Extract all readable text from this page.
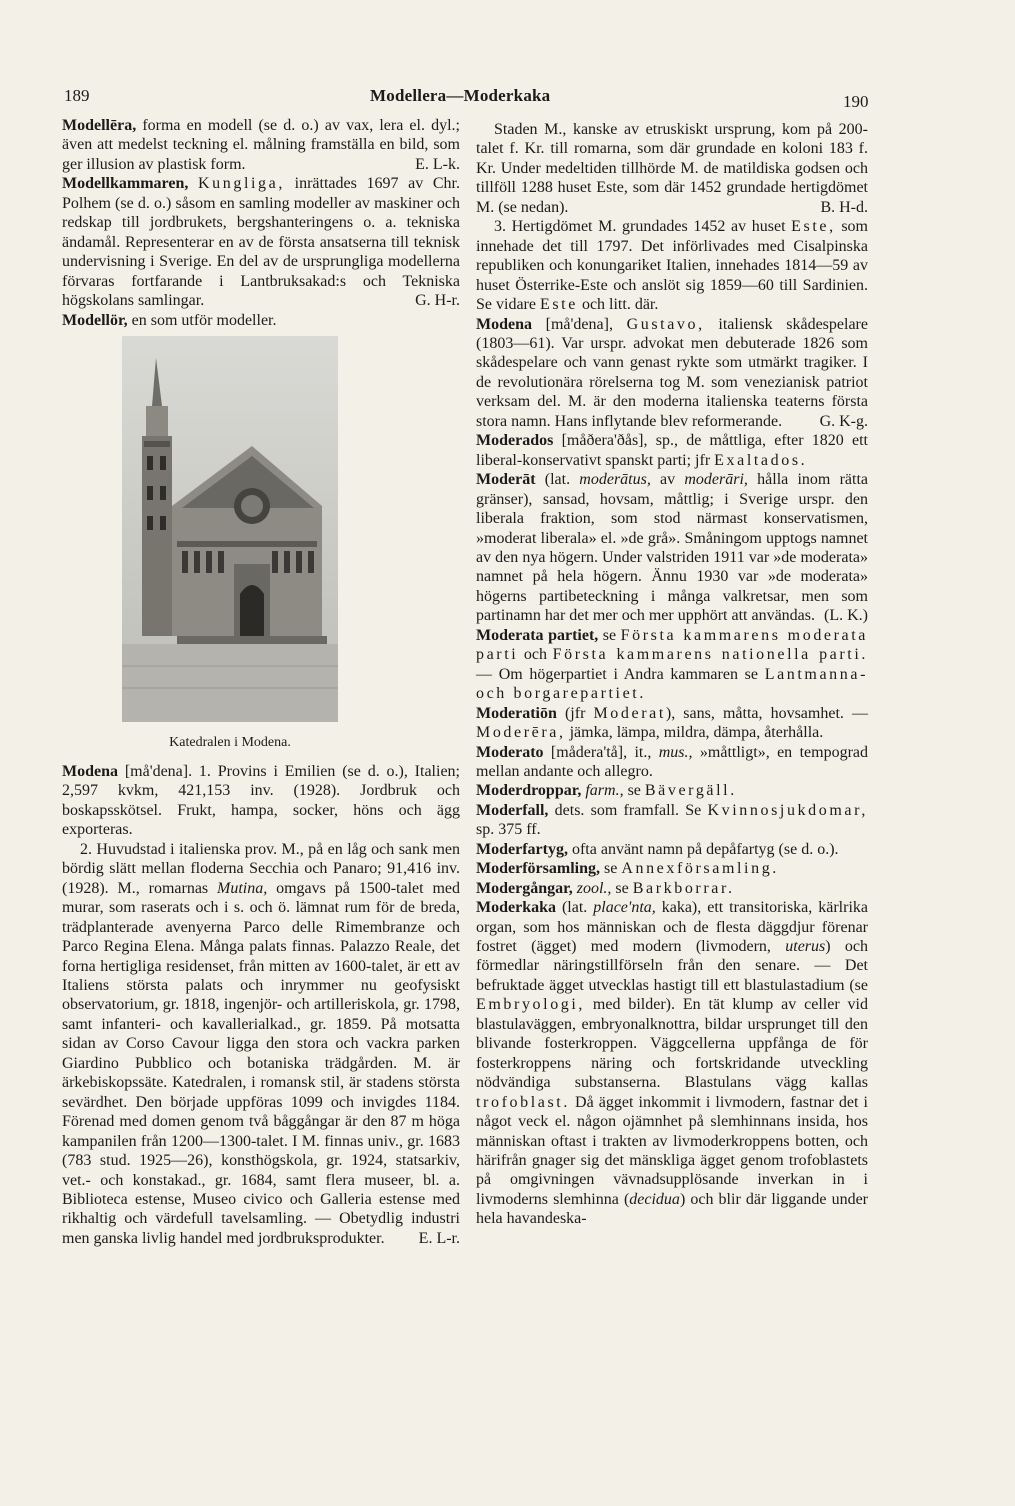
189	Modellera—Moderkaka	190

Modellēra, forma en modell (se d. o.) av vax, lera el. dyl.; även att medelst teckning el. målning framställa en bild, som ger illusion av plastisk form.	E. L-k.

Modellkammaren, Kungliga, inrättades 1697 av Chr. Polhem (se d. o.) såsom en samling modeller av maskiner och redskap till jordbrukets, bergshanteringens o. a. tekniska ändamål. Representerar en av de första ansatserna till teknisk undervisning i Sverige. En del av de ursprungliga modellerna förvaras fortfarande i Lantbruksakad:s och Tekniska högskolans samlingar.	G. H-r.

Modellör, en som utför modeller.

Katedralen i Modena.

Modena [må'dena]. 1. Provins i Emilien (se d. o.), Italien; 2,597 kvkm, 421,153 inv. (1928). Jordbruk och boskapsskötsel. Frukt, hampa, socker, höns och ägg exporteras.

2. Huvudstad i italienska prov. M., på en låg och sank men bördig slätt mellan floderna Secchia och Panaro; 91,416 inv. (1928). M., romarnas Mutina, omgavs på 1500-talet med murar, som raserats och i s. och ö. lämnat rum för de breda, trädplanterade avenyerna Parco delle Rimembranze och Parco Regina Elena. Många palats finnas. Palazzo Reale, det forna hertigliga residenset, från mitten av 1600-talet, är ett av Italiens största palats och inrymmer nu geofysiskt observatorium, gr. 1818, ingenjör- och artilleriskola, gr. 1798, samt infanteri- och kavallerialkad., gr. 1859. På motsatta sidan av Corso Cavour ligga den stora och vackra parken Giardino Pubblico och botaniska trädgården. M. är ärkebiskopssäte. Katedralen, i romansk stil, är stadens största sevärdhet. Den började uppföras 1099 och invigdes 1184. Förenad med domen genom två båggångar är den 87 m höga kampanilen från 1200—1300-talet. I M. finnas univ., gr. 1683 (783 stud. 1925—26), konsthögskola, gr. 1924, statsarkiv, vet.- och konstakad., gr. 1684, samt flera museer, bl. a. Biblioteca estense, Museo civico och Galleria estense med rikhaltig och värdefull tavelsamling. — Obetydlig industri men ganska livlig handel med jordbruksprodukter.	E. L-r.

Staden M., kanske av etruskiskt ursprung, kom på 200-talet f. Kr. till romarna, som där grundade en koloni 183 f. Kr. Under medeltiden tillhörde M. de matildiska godsen och tillföll 1288 huset Este, som där 1452 grundade hertigdömet M. (se nedan).	B. H-d.

3. Hertigdömet M. grundades 1452 av huset Este, som innehade det till 1797. Det införlivades med Cisalpinska republiken och konungariket Italien, innehades 1814—59 av huset Österrike-Este och anslöt sig 1859—60 till Sardinien. Se vidare Este och litt. där.

Modena [må'dena], Gustavo, italiensk skådespelare (1803—61). Var urspr. advokat men debuterade 1826 som skådespelare och vann genast rykte som utmärkt tragiker. I de revolutionära rörelserna tog M. som venezianisk patriot verksam del. M. är den moderna italienska teaterns första stora namn. Hans inflytande blev reformerande. G. K-g.

Moderados [måðera'ðås], sp., de måttliga, efter 1820 ett liberal-konservativt spanskt parti; jfr Exaltados.

Moderāt (lat. moderātus, av moderāri, hålla inom rätta gränser), sansad, hovsam, måttlig; i Sverige urspr. den liberala fraktion, som stod närmast konservatismen, »moderat liberala» el. »de grå». Småningom upptogs namnet av den nya högern. Under valstriden 1911 var »de moderata» namnet på hela högern. Ännu 1930 var »de moderata» högerns partibeteckning i många valkretsar, men som partinamn har det mer och mer upphört att användas. (L. K.)

Moderata partiet, se Första kammarens moderata parti och Första kammarens nationella parti. — Om högerpartiet i Andra kammaren se Lantmanna- och borgarepartiet.

Moderatiōn (jfr Moderat), sans, måtta, hovsamhet. — Moderēra, jämka, lämpa, mildra, dämpa, återhålla.

Moderato [måderа'tå], it., mus., »måttligt», en tempograd mellan andante och allegro.

Moderdroppar, farm., se Bävergäll.

Moderfall, dets. som framfall. Se Kvinnosjukdomar, sp. 375 ff.

Moderfartyg, ofta använt namn på depåfartyg (se d. o.).

Moderförsamling, se Annexförsamling.

Modergångar, zool., se Barkborrar.

Moderkaka (lat. place'nta, kaka), ett transitoriska, kärlrika organ, som hos människan och de flesta däggdjur förenar fostret (ägget) med modern (livmodern, uterus) och förmedlar näringstillförseln från den senare. — Det befruktade ägget utvecklas hastigt till ett blastulastadium (se Embryologi, med bilder). En tät klump av celler vid blastulaväggen, embryonalknottra, bildar ursprunget till den blivande fosterkroppen. Väggcellerna uppfånga de för fosterkroppens näring och fortskridande utveckling nödvändiga substanserna. Blastulans vägg kallas trofoblast. Då ägget inkommit i livmodern, fastnar det i något veck el. någon ojämnhet på slemhinnans insida, hos människan oftast i trakten av livmoderkroppens botten, och härifrån gnager sig det mänskliga ägget genom trofoblastets på omgivningen vävnadsupplösande inverkan in i livmoderns slemhinna (decidua) och blir där liggande under hela havandeska-
